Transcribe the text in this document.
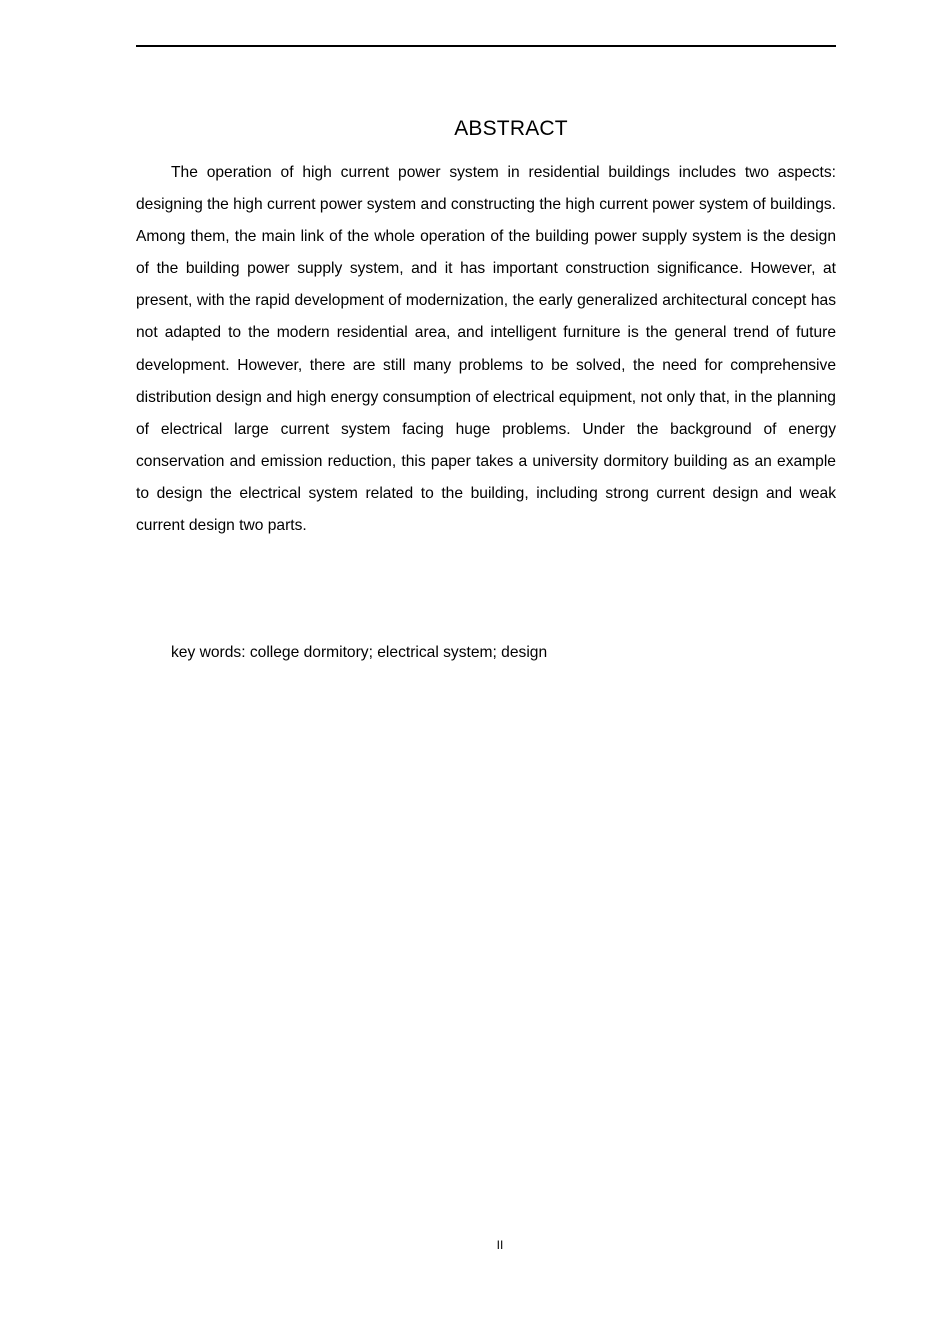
ABSTRACT

The operation of high current power system in residential buildings includes two aspects: designing the high current power system and constructing the high current power system of buildings. Among them, the main link of the whole operation of the building power supply system is the design of the building power supply system, and it has important construction significance. However, at present, with the rapid development of modernization, the early generalized architectural concept has not adapted to the modern residential area, and intelligent furniture is the general trend of future development. However, there are still many problems to be solved, the need for comprehensive distribution design and high energy consumption of electrical equipment, not only that, in the planning of electrical large current system facing huge problems. Under the background of energy conservation and emission reduction, this paper takes a university dormitory building as an example to design the electrical system related to the building, including strong current design and weak current design two parts.

key words: college dormitory; electrical system; design
II
